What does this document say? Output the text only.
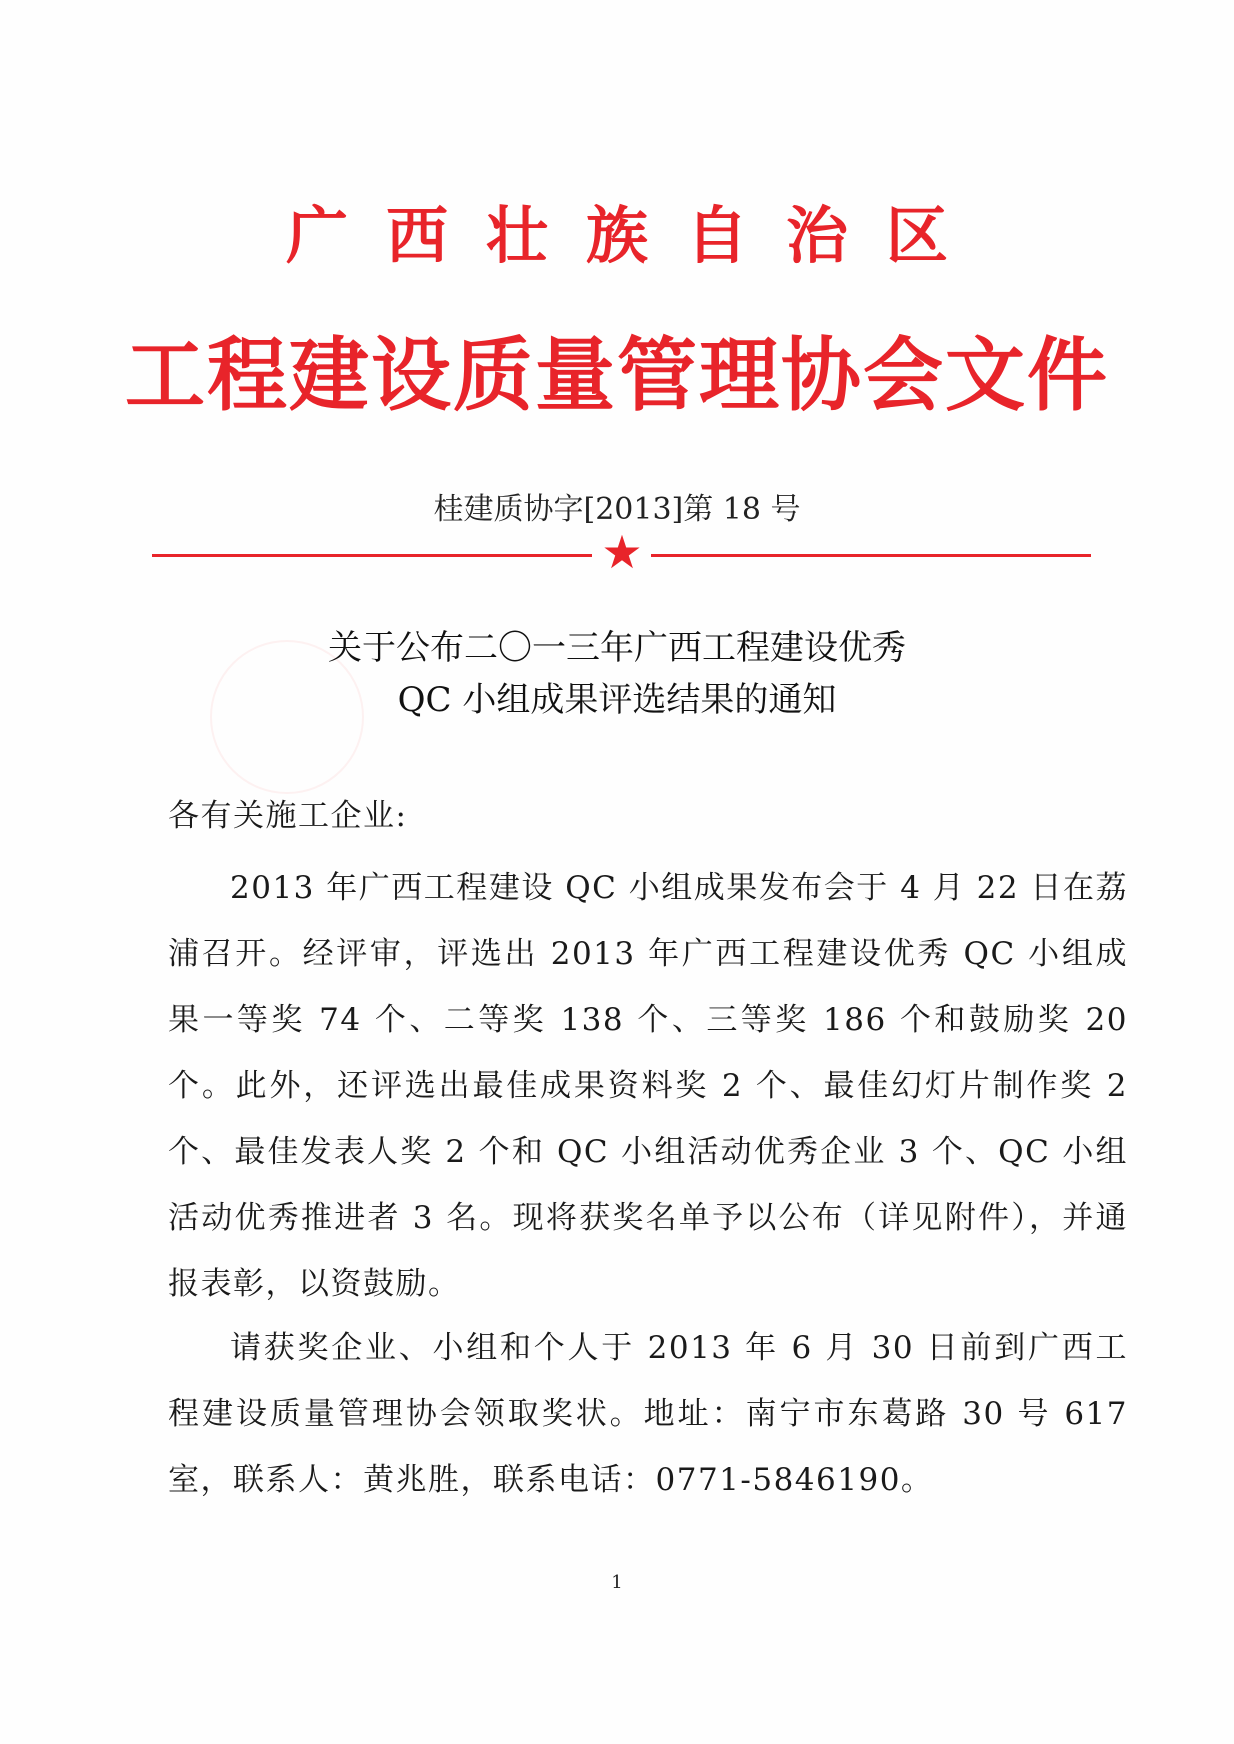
广西壮族自治区
工程建设质量管理协会文件
桂建质协字[2013]第 18 号
★
关于公布二〇一三年广西工程建设优秀
QC 小组成果评选结果的通知
各有关施工企业:
2013 年广西工程建设 QC 小组成果发布会于 4 月 22 日在荔浦召开。经评审，评选出 2013 年广西工程建设优秀 QC 小组成果一等奖 74 个、二等奖 138 个、三等奖 186 个和鼓励奖 20 个。此外，还评选出最佳成果资料奖 2 个、最佳幻灯片制作奖 2 个、最佳发表人奖 2 个和 QC 小组活动优秀企业 3 个、QC 小组活动优秀推进者 3 名。现将获奖名单予以公布（详见附件），并通报表彰，以资鼓励。
请获奖企业、小组和个人于 2013 年 6 月 30 日前到广西工程建设质量管理协会领取奖状。地址：南宁市东葛路 30 号 617 室，联系人：黄兆胜，联系电话：0771-5846190。
1
